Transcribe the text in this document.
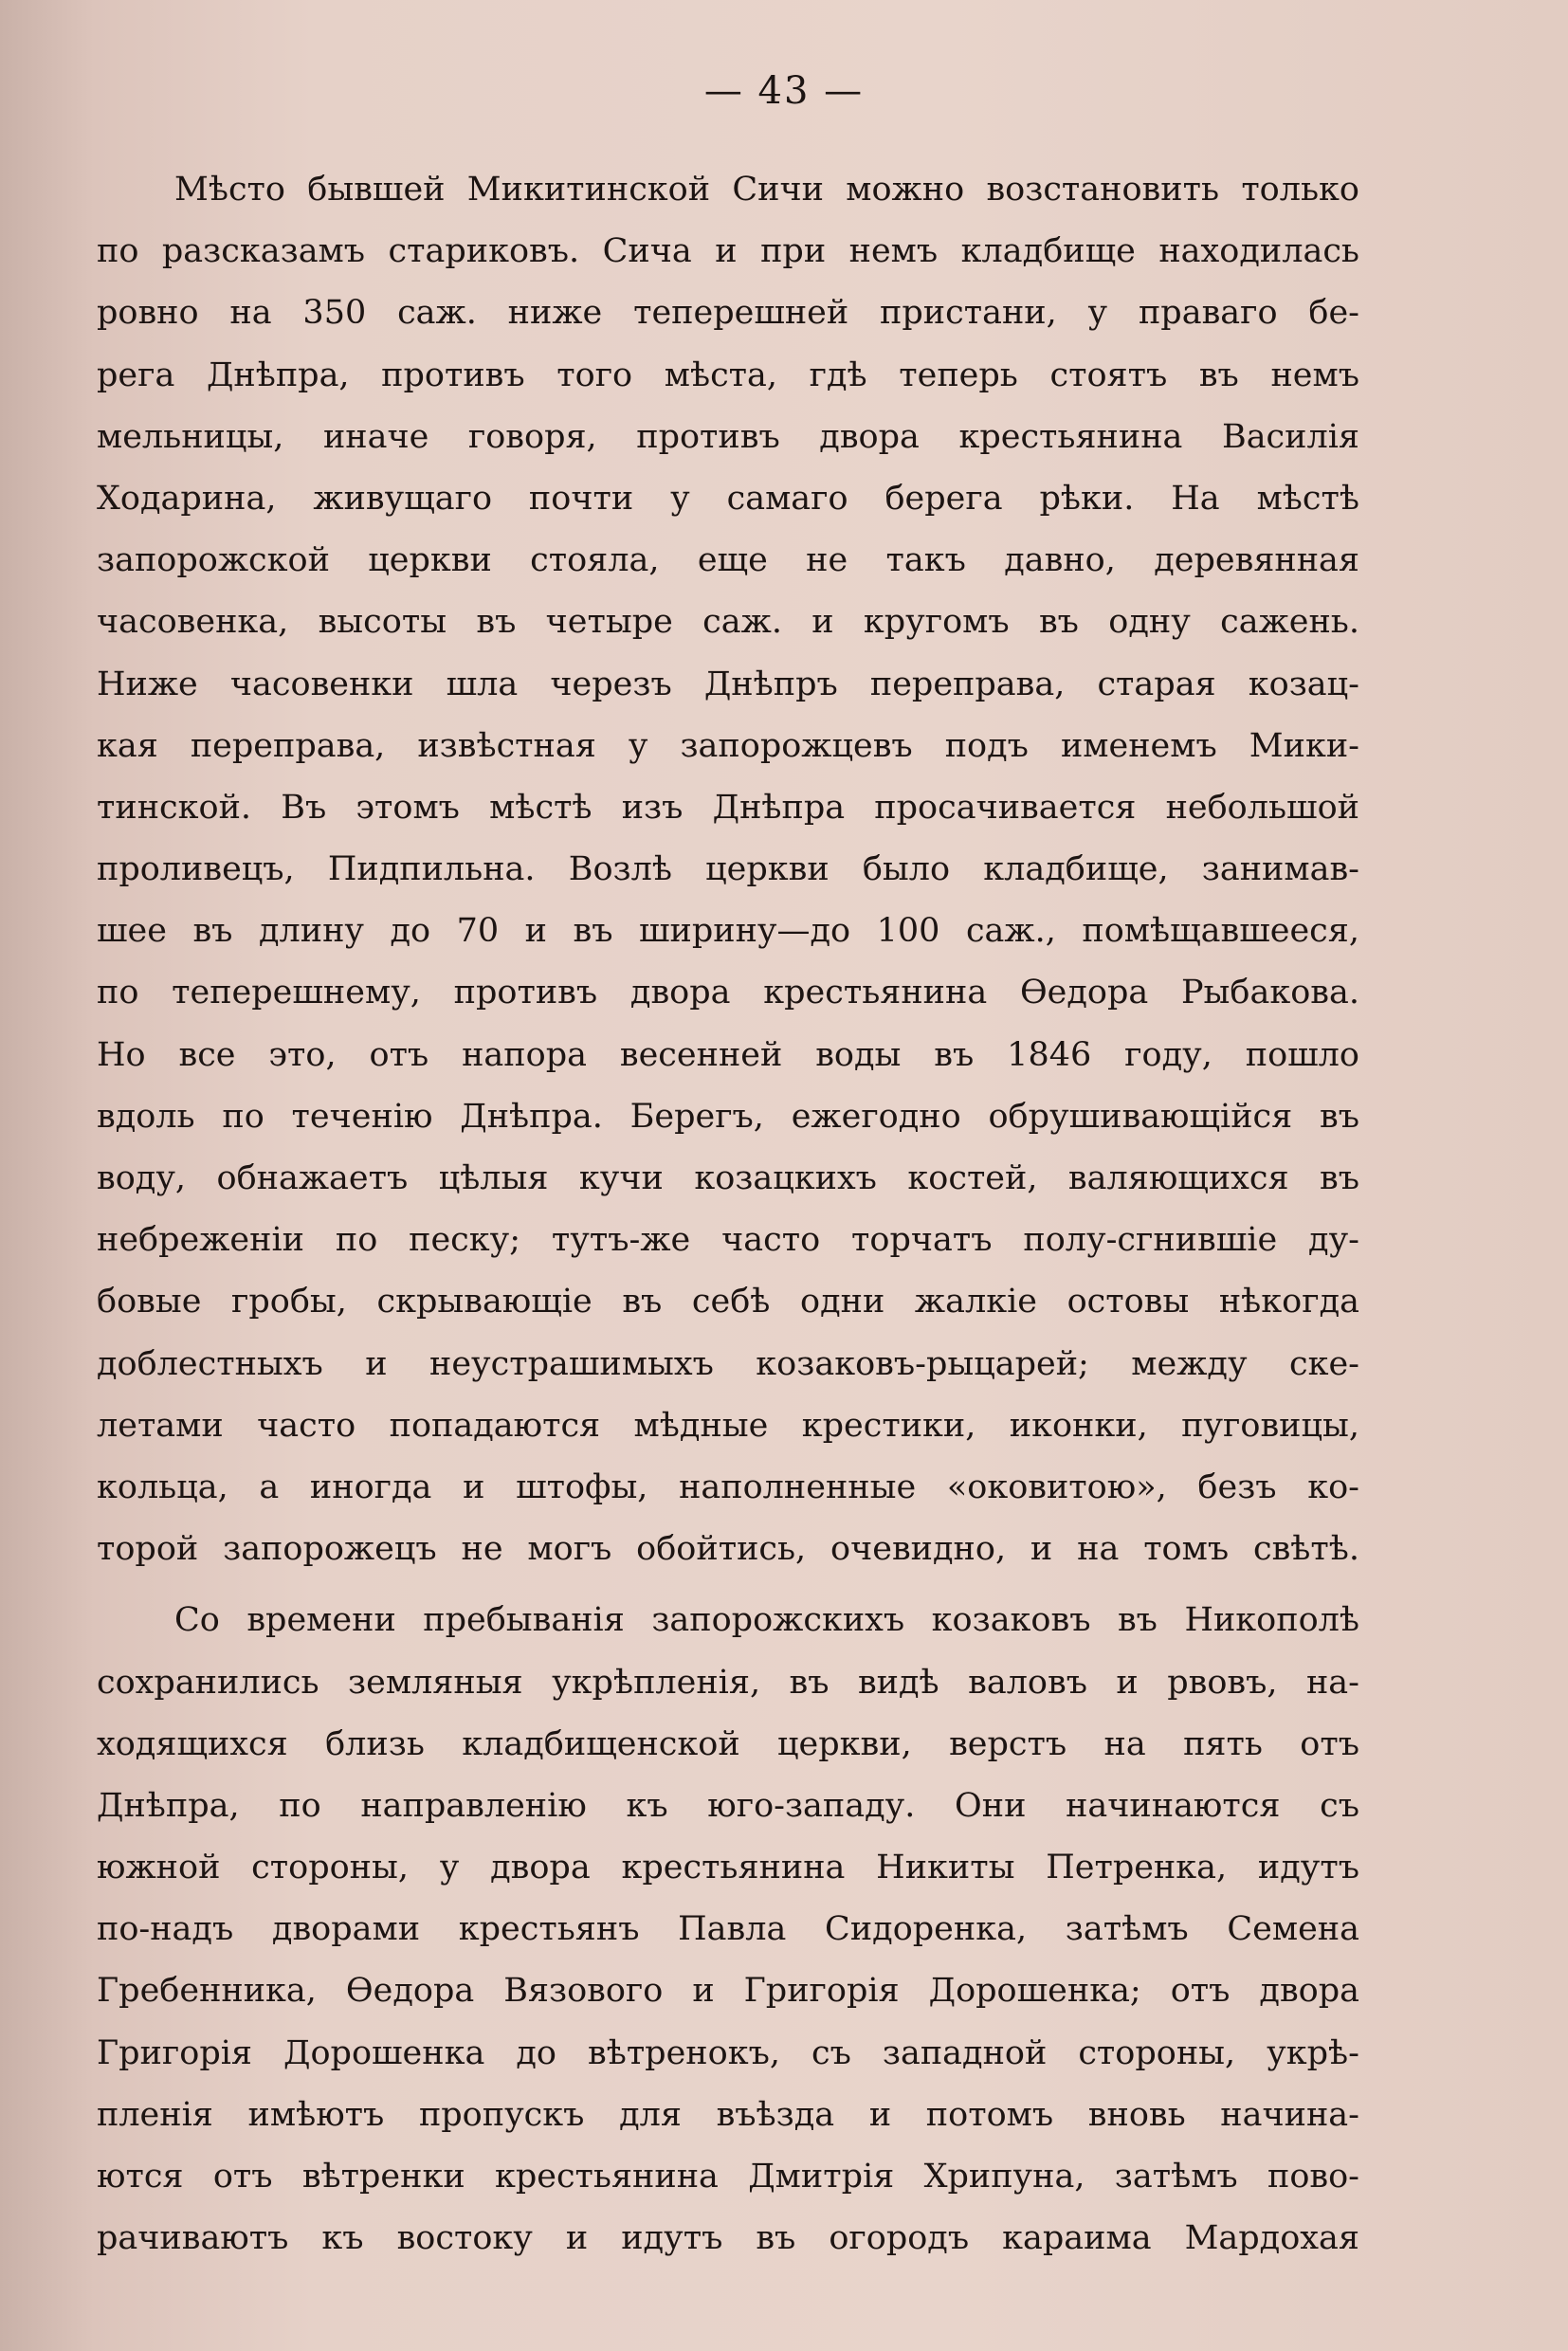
— 43 —
Мѣсто бывшей Микитинской Сичи можно возстановить только
по разсказамъ стариковъ. Сича и при немъ кладбище находилась
ровно на 350 саж. ниже теперешней пристани, у праваго бе-
рега Днѣпра, противъ того мѣста, гдѣ теперь стоятъ въ немъ
мельницы, иначе говоря, противъ двора крестьянина Василія
Ходарина, живущаго почти у самаго берега рѣки. На мѣстѣ
запорожской церкви стояла, еще не такъ давно, деревянная
часовенка, высоты въ четыре саж. и кругомъ въ одну сажень.
Ниже часовенки шла черезъ Днѣпръ переправа, старая козац-
кая переправа, извѣстная у запорожцевъ подъ именемъ Мики-
тинской. Въ этомъ мѣстѣ изъ Днѣпра просачивается небольшой
проливецъ, Пидпильна. Возлѣ церкви было кладбище, занимав-
шее въ длину до 70 и въ ширину—до 100 саж., помѣщавшееся,
по теперешнему, противъ двора крестьянина Өедора Рыбакова.
Но все это, отъ напора весенней воды въ 1846 году, пошло
вдоль по теченію Днѣпра. Берегъ, ежегодно обрушивающійся въ
воду, обнажаетъ цѣлыя кучи козацкихъ костей, валяющихся въ
небреженіи по песку; тутъ-же часто торчатъ полу-сгнившіе ду-
бовые гробы, скрывающіе въ себѣ одни жалкіе остовы нѣкогда
доблестныхъ и неустрашимыхъ козаковъ-рыцарей; между ске-
летами часто попадаются мѣдные крестики, иконки, пуговицы,
кольца, а иногда и штофы, наполненные «оковитою», безъ ко-
торой запорожецъ не могъ обойтись, очевидно, и на томъ свѣтѣ.
Со времени пребыванія запорожскихъ козаковъ въ Никополѣ
сохранились земляныя укрѣпленія, въ видѣ валовъ и рвовъ, на-
ходящихся близь кладбищенской церкви, верстъ на пять отъ
Днѣпра, по направленію къ юго-западу. Они начинаются съ
южной стороны, у двора крестьянина Никиты Петренка, идутъ
по-надъ дворами крестьянъ Павла Сидоренка, затѣмъ Семена
Гребенника, Өедора Вязового и Григорія Дорошенка; отъ двора
Григорія Дорошенка до вѣтренокъ, съ западной стороны, укрѣ-
пленія имѣютъ пропускъ для въѣзда и потомъ вновь начина-
ются отъ вѣтренки крестьянина Дмитрія Хрипуна, затѣмъ пово-
рачиваютъ къ востоку и идутъ въ огородъ караима Мардохая
